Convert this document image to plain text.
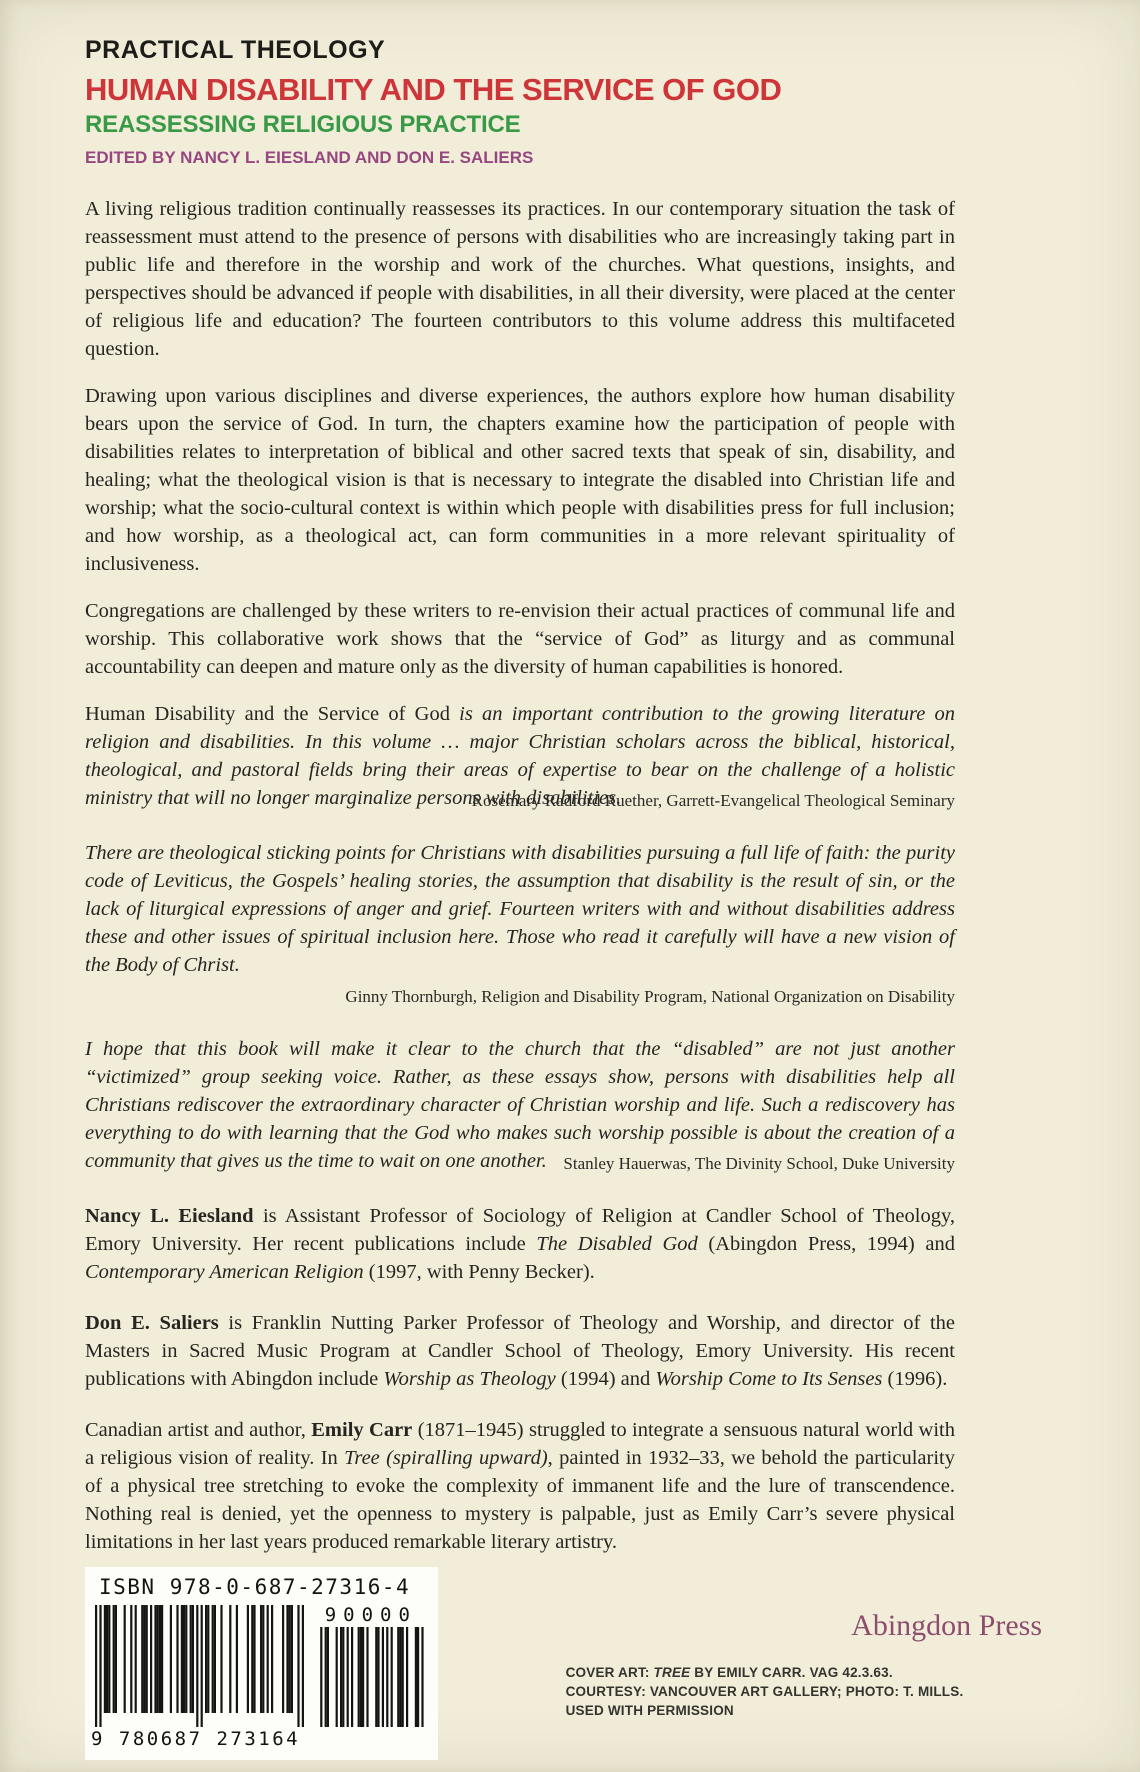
PRACTICAL THEOLOGY
HUMAN DISABILITY AND THE SERVICE OF GOD
REASSESSING RELIGIOUS PRACTICE
EDITED BY NANCY L. EIESLAND AND DON E. SALIERS

A living religious tradition continually reassesses its practices. In our contemporary situation the task of reassessment must attend to the presence of persons with disabilities who are increasingly taking part in public life and therefore in the worship and work of the churches. What questions, insights, and perspectives should be advanced if people with disabilities, in all their diversity, were placed at the center of religious life and education? The fourteen contributors to this volume address this multifaceted question.

Drawing upon various disciplines and diverse experiences, the authors explore how human disability bears upon the service of God. In turn, the chapters examine how the participation of people with disabilities relates to interpretation of biblical and other sacred texts that speak of sin, disability, and healing; what the theological vision is that is necessary to integrate the disabled into Christian life and worship; what the socio-cultural context is within which people with disabilities press for full inclusion; and how worship, as a theological act, can form communities in a more relevant spirituality of inclusiveness.

Congregations are challenged by these writers to re-envision their actual practices of communal life and worship. This collaborative work shows that the “service of God” as liturgy and as communal accountability can deepen and mature only as the diversity of human capabilities is honored.

Human Disability and the Service of God is an important contribution to the growing literature on religion and disabilities. In this volume … major Christian scholars across the biblical, historical, theological, and pastoral fields bring their areas of expertise to bear on the challenge of a holistic ministry that will no longer marginalize persons with disabilities.

Rosemary Radford Ruether, Garrett-Evangelical Theological Seminary

There are theological sticking points for Christians with disabilities pursuing a full life of faith: the purity code of Leviticus, the Gospels’ healing stories, the assumption that disability is the result of sin, or the lack of liturgical expressions of anger and grief. Fourteen writers with and without disabilities address these and other issues of spiritual inclusion here. Those who read it carefully will have a new vision of the Body of Christ.

Ginny Thornburgh, Religion and Disability Program, National Organization on Disability

I hope that this book will make it clear to the church that the “disabled” are not just another “victimized” group seeking voice. Rather, as these essays show, persons with disabilities help all Christians rediscover the extraordinary character of Christian worship and life. Such a rediscovery has everything to do with learning that the God who makes such worship possible is about the creation of a community that gives us the time to wait on one another. Stanley Hauerwas, The Divinity School, Duke University

Nancy L. Eiesland is Assistant Professor of Sociology of Religion at Candler School of Theology, Emory University. Her recent publications include The Disabled God (Abingdon Press, 1994) and Contemporary American Religion (1997, with Penny Becker).

Don E. Saliers is Franklin Nutting Parker Professor of Theology and Worship, and director of the Masters in Sacred Music Program at Candler School of Theology, Emory University. His recent publications with Abingdon include Worship as Theology (1994) and Worship Come to Its Senses (1996).

Canadian artist and author, Emily Carr (1871–1945) struggled to integrate a sensuous natural world with a religious vision of reality. In Tree (spiralling upward), painted in 1932–33, we behold the particularity of a physical tree stretching to evoke the complexity of immanent life and the lure of transcendence. Nothing real is denied, yet the openness to mystery is palpable, just as Emily Carr’s severe physical limitations in her last years produced remarkable literary artistry.

ISBN 978-0-687-27316-4
9 780687 273164
90000	Abingdon Press
COVER ART: TREE BY EMILY CARR. VAG 42.3.63.
COURTESY: VANCOUVER ART GALLERY; PHOTO: T. MILLS.
USED WITH PERMISSION
